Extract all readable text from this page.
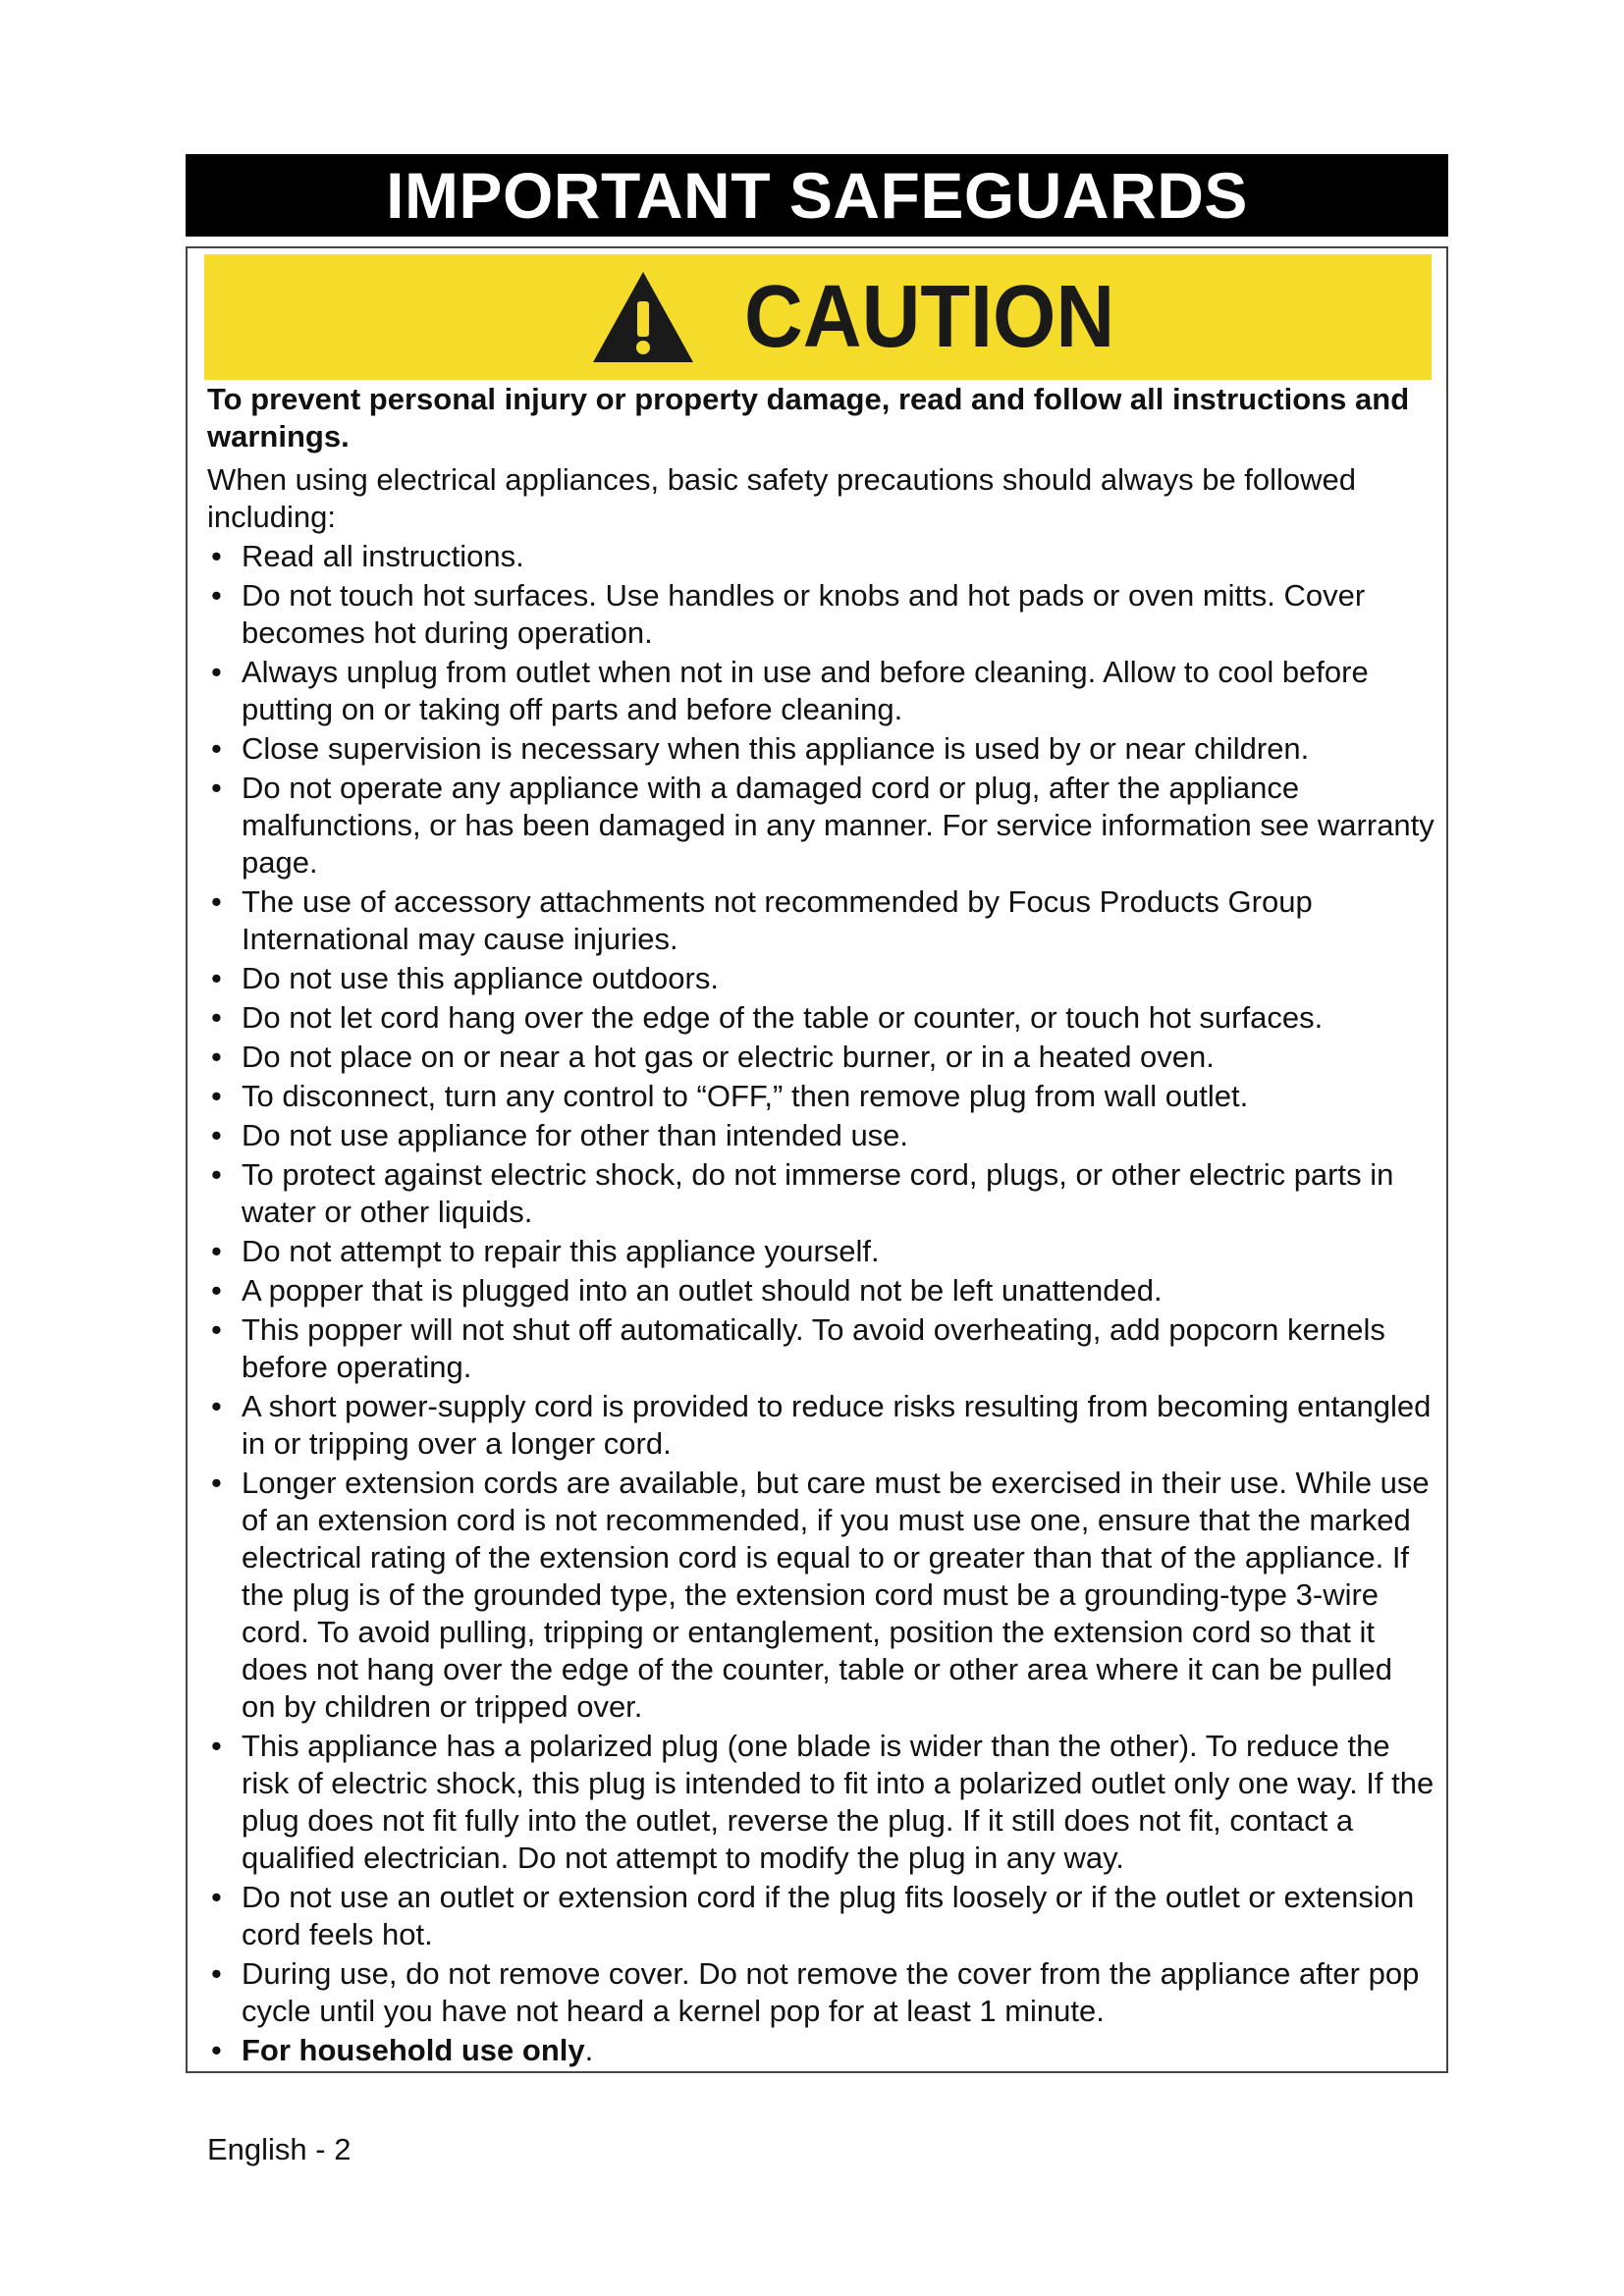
IMPORTANT SAFEGUARDS
CAUTION

To prevent personal injury or property damage, read and follow all instructions and warnings.

When using electrical appliances, basic safety precautions should always be followed including:

• Read all instructions.
• Do not touch hot surfaces. Use handles or knobs and hot pads or oven mitts. Cover becomes hot during operation.
• Always unplug from outlet when not in use and before cleaning. Allow to cool before putting on or taking off parts and before cleaning.
• Close supervision is necessary when this appliance is used by or near children.
• Do not operate any appliance with a damaged cord or plug, after the appliance malfunctions, or has been damaged in any manner. For service information see warranty page.
• The use of accessory attachments not recommended by Focus Products Group International may cause injuries.
• Do not use this appliance outdoors.
• Do not let cord hang over the edge of the table or counter, or touch hot surfaces.
• Do not place on or near a hot gas or electric burner, or in a heated oven.
• To disconnect, turn any control to “OFF,” then remove plug from wall outlet.
• Do not use appliance for other than intended use.
• To protect against electric shock, do not immerse cord, plugs, or other electric parts in water or other liquids.
• Do not attempt to repair this appliance yourself.
• A popper that is plugged into an outlet should not be left unattended.
• This popper will not shut off automatically. To avoid overheating, add popcorn kernels before operating.
• A short power-supply cord is provided to reduce risks resulting from becoming entangled in or tripping over a longer cord.
• Longer extension cords are available, but care must be exercised in their use. While use of an extension cord is not recommended, if you must use one, ensure that the marked electrical rating of the extension cord is equal to or greater than that of the appliance. If the plug is of the grounded type, the extension cord must be a grounding-type 3-wire cord. To avoid pulling, tripping or entanglement, position the extension cord so that it does not hang over the edge of the counter, table or other area where it can be pulled on by children or tripped over.
• This appliance has a polarized plug (one blade is wider than the other). To reduce the risk of electric shock, this plug is intended to fit into a polarized outlet only one way. If the plug does not fit fully into the outlet, reverse the plug. If it still does not fit, contact a qualified electrician. Do not attempt to modify the plug in any way.
• Do not use an outlet or extension cord if the plug fits loosely or if the outlet or extension cord feels hot.
• During use, do not remove cover. Do not remove the cover from the appliance after pop cycle until you have not heard a kernel pop for at least 1 minute.
• For household use only.
English - 2
